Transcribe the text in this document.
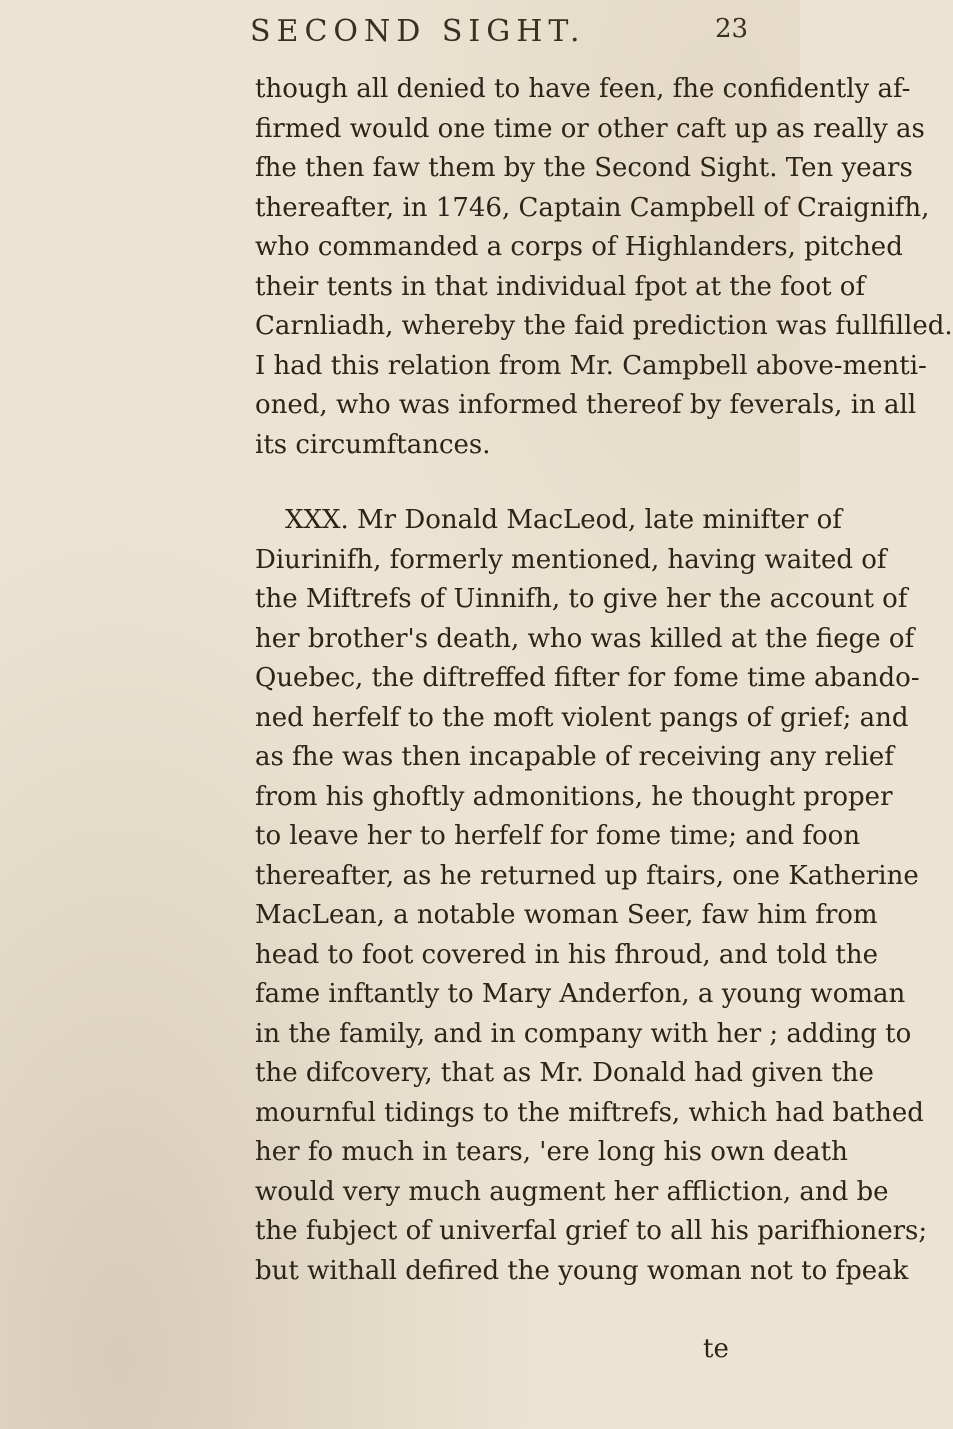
SECOND SIGHT.	23

though all denied to have feen, fhe confidently af-

firmed would one time or other caft up as really as

fhe then faw them by the Second Sight. Ten years

thereafter, in 1746, Captain Campbell of Craignifh,

who commanded a corps of Highlanders, pitched

their tents in that individual fpot at the foot of

Carnliadh, whereby the faid prediction was fullfilled.

I had this relation from Mr. Campbell above-menti-

oned, who was informed thereof by feverals, in all

its circumftances.

XXX. Mr Donald MacLeod, late minifter of

Diurinifh, formerly mentioned, having waited of

the Miftrefs of Uinnifh, to give her the account of

her brother's death, who was killed at the fiege of

Quebec, the diftreffed fifter for fome time abando-

ned herfelf to the moft violent pangs of grief; and

as fhe was then incapable of receiving any relief

from his ghoftly admonitions, he thought proper

to leave her to herfelf for fome time; and foon

thereafter, as he returned up ftairs, one Katherine

MacLean, a notable woman Seer, faw him from

head to foot covered in his fhroud, and told the

fame inftantly to Mary Anderfon, a young woman

in the family, and in company with her ; adding to

the difcovery, that as Mr. Donald had given the

mournful tidings to the miftrefs, which had bathed

her fo much in tears, 'ere long his own death

would very much augment her affliction, and be

the fubject of univerfal grief to all his parifhioners;

but withall defired the young woman not to fpeak

te
